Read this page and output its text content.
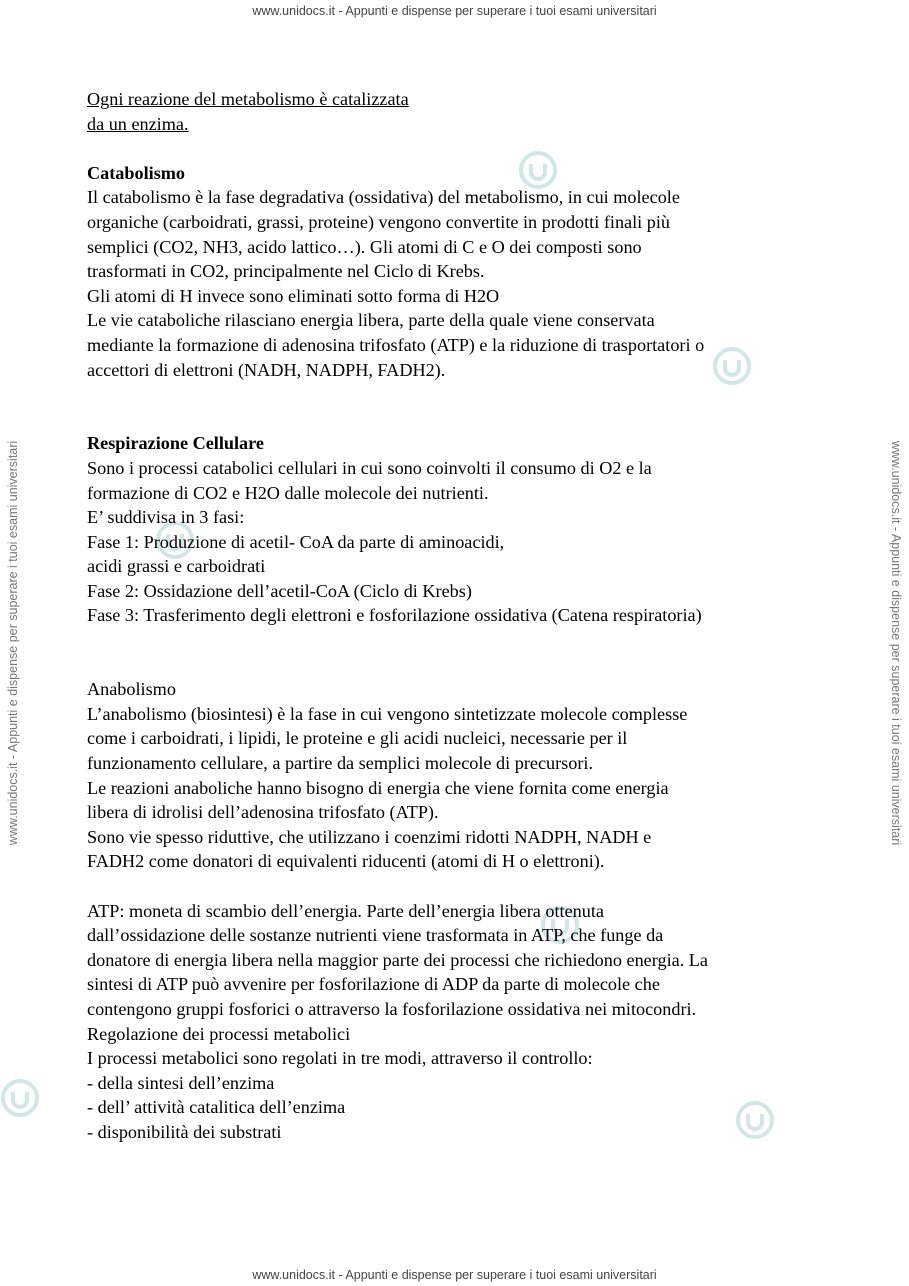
www.unidocs.it - Appunti e dispense per superare i tuoi esami universitari
www.unidocs.it - Appunti e dispense per superare i tuoi esami universitari
www.unidocs.it - Appunti e dispense per superare i tuoi esami universitari	www.unidocs.it - Appunti e dispense per superare i tuoi esami universitari
Ogni reazione del metabolismo è catalizzata
da un enzima.
Catabolismo
Il catabolismo è la fase degradativa (ossidativa) del metabolismo, in cui molecole
organiche (carboidrati, grassi, proteine) vengono convertite in prodotti finali più
semplici (CO2, NH3, acido lattico…). Gli atomi di C e O dei composti sono
trasformati in CO2, principalmente nel Ciclo di Krebs.
Gli atomi di H invece sono eliminati sotto forma di H2O
Le vie cataboliche rilasciano energia libera, parte della quale viene conservata
mediante la formazione di adenosina trifosfato (ATP) e la riduzione di trasportatori o
accettori di elettroni (NADH, NADPH, FADH2).
Respirazione Cellulare
Sono i processi catabolici cellulari in cui sono coinvolti il consumo di O2 e la
formazione di CO2 e H2O dalle molecole dei nutrienti.
E’ suddivisa in 3 fasi:
Fase 1: Produzione di acetil- CoA da parte di aminoacidi,
acidi grassi e carboidrati
Fase 2: Ossidazione dell’acetil-CoA (Ciclo di Krebs)
Fase 3: Trasferimento degli elettroni e fosforilazione ossidativa (Catena respiratoria)
Anabolismo
L’anabolismo (biosintesi) è la fase in cui vengono sintetizzate molecole complesse
come i carboidrati, i lipidi, le proteine e gli acidi nucleici, necessarie per il
funzionamento cellulare, a partire da semplici molecole di precursori.
Le reazioni anaboliche hanno bisogno di energia che viene fornita come energia
libera di idrolisi dell’adenosina trifosfato (ATP).
Sono vie spesso riduttive, che utilizzano i coenzimi ridotti NADPH, NADH e
FADH2 come donatori di equivalenti riducenti (atomi di H o elettroni).
ATP: moneta di scambio dell’energia. Parte dell’energia libera ottenuta
dall’ossidazione delle sostanze nutrienti viene trasformata in ATP, che funge da
donatore di energia libera nella maggior parte dei processi che richiedono energia. La
sintesi di ATP può avvenire per fosforilazione di ADP da parte di molecole che
contengono gruppi fosforici o attraverso la fosforilazione ossidativa nei mitocondri.
Regolazione dei processi metabolici
I processi metabolici sono regolati in tre modi, attraverso il controllo:
- della sintesi dell’enzima
- dell’ attività catalitica dell’enzima
- disponibilità dei substrati
